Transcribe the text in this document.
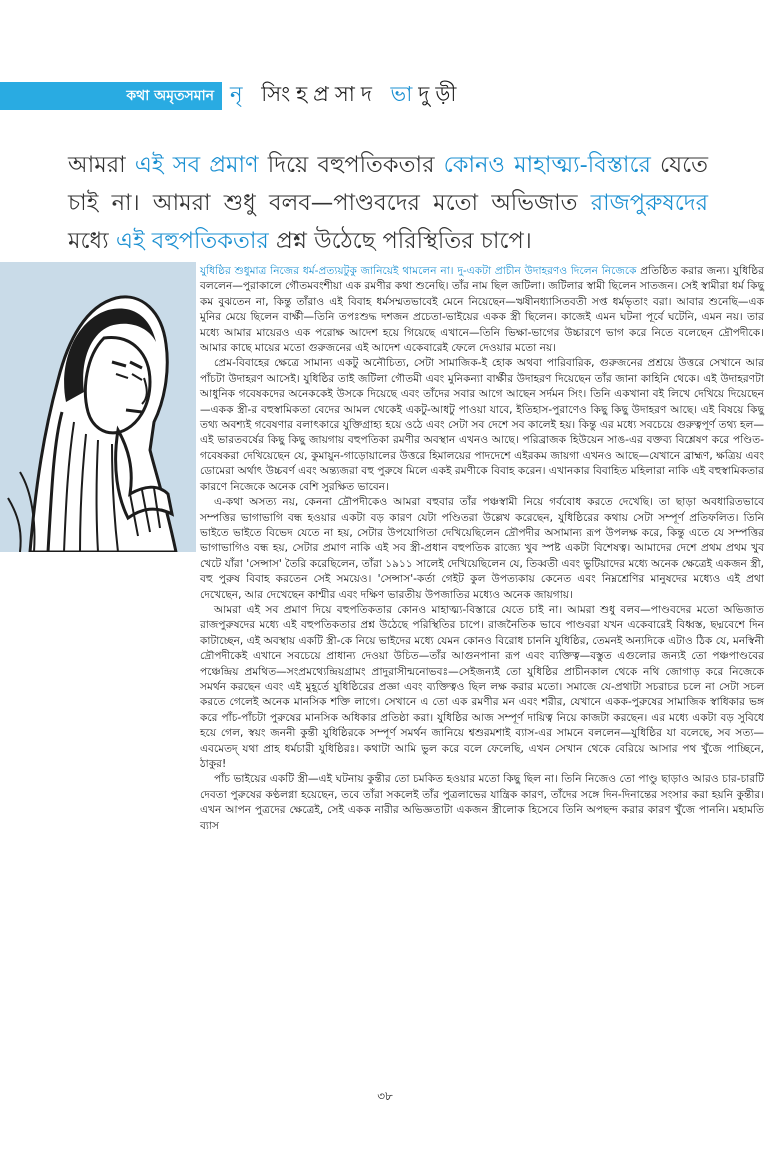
কথা অমৃতসমান নৃ সিংহপ্রসাদ ভাদুড়ী
আমরা এই সব প্রমাণ দিয়ে বহুপতিকতার কোনও মাহাত্ম্য-বিস্তারে যেতে চাই না। আমরা শুধু বলব—পাণ্ডবদের মতো অভিজাত রাজপুরুষদের মধ্যে এই বহুপতিকতার প্রশ্ন উঠেছে পরিস্থিতির চাপে।

যুধিষ্ঠির শুধুমাত্র নিজের ধর্ম-প্রত্যয়টুকু জানিয়েই থামলেন না। দু-একটা প্রাচীন উদাহরণও দিলেন নিজেকে প্রতিষ্ঠিত করার জন্য। যুধিষ্ঠির বললেন—পুরাকালে গৌতমবংশীয়া এক রমণীর কথা শুনেছি। তাঁর নাম ছিল জটিলা। জটিলার স্বামী ছিলেন সাতজন। সেই স্বামীরা ধর্ম কিছু কম বুঝতেন না, কিন্তু তাঁরাও এই বিবাহ ধর্মসম্মতভাবেই মেনে নিয়েছেন—ঋষীনধ্যাসিতবতী সপ্ত ধর্মভৃতাং বরা। আবার শুনেছি—এক মুনির মেয়ে ছিলেন বার্ক্ষী—তিনি তপঃশুদ্ধ দশজন প্রচেতা-ভাইয়ের একক স্ত্রী ছিলেন। কাজেই এমন ঘটনা পূর্বে ঘটেনি, এমন নয়। তার মধ্যে আমার মায়েরও এক পরোক্ষ আদেশ হয়ে গিয়েছে এখানে—তিনি ভিক্ষা-ভাগের উচ্চারণে ভাগ করে নিতে বলেছেন দ্রৌপদীকে। আমার কাছে মায়ের মতো গুরুজনের এই আদেশ একেবারেই ফেলে দেওয়ার মতো নয়।

প্রেম-বিবাহের ক্ষেত্রে সামান্য একটু অনৌচিত্য, সেটা সামাজিক-ই হোক অথবা পারিবারিক, গুরুজনের প্রশ্রয়ে উত্তরে সেখানে আর পাঁচটা উদাহরণ আসেই। যুধিষ্ঠির তাই জটিলা গৌতমী এবং মুনিকন্যা বার্ক্ষীর উদাহরণ দিয়েছেন তাঁর জানা কাহিনি থেকে। এই উদাহরণটা আধুনিক গবেষকদের অনেককেই উসকে দিয়েছে এবং তাঁদের সবার আগে আছেন সর্দমন সিং। তিনি একখানা বই লিখে দেখিয়ে দিয়েছেন—একক স্ত্রী-র বহুস্বামিকতা বেদের আমল থেকেই একটু-আধটু পাওয়া যাবে, ইতিহাস-পুরাণেও কিছু কিছু উদাহরণ আছে। এই বিষয়ে কিছু তথ্য অবশ্যই গবেষণার বলাৎকারে যুক্তিগ্রাহ্য হয়ে ওঠে এবং সেটা সব দেশে সব কালেই হয়। কিন্তু এর মধ্যে সবচেয়ে গুরুত্বপূর্ণ তথ্য হল—এই ভারতবর্ষের কিছু কিছু জায়গায় বহুপতিকা রমণীর অবস্থান এখনও আছে। পরিব্রাজক হিউয়েন সাঙ-এর বক্তব্য বিশ্লেষণ করে পণ্ডিত-গবেষকরা দেখিয়েছেন যে, কুমায়ুন-গাড়োয়ালের উত্তরে হিমালয়ের পাদদেশে এইরকম জায়গা এখনও আছে—যেখানে ব্রাহ্মণ, ক্ষত্রিয় এবং ডোমেরা অর্থাৎ উচ্চবর্ণ এবং অন্ত্যজরা বহু পুরুষে মিলে একই রমণীকে বিবাহ করেন। এখানকার বিবাহিত মহিলারা নাকি এই বহুস্বামিকতার কারণে নিজেকে অনেক বেশি সুরক্ষিত ভাবেন।

এ-কথা অসত্য নয়, কেননা দ্রৌপদীকেও আমরা বহুবার তাঁর পঞ্চস্বামী নিয়ে গর্ববোধ করতে দেখেছি। তা ছাড়া অবধারিতভাবে সম্পত্তির ভাগাভাগি বন্ধ হওয়ার একটা বড় কারণ যেটা পণ্ডিতরা উল্লেখ করেছেন, যুধিষ্ঠিরের কথায় সেটা সম্পূর্ণ প্রতিফলিত। তিনি ভাইতে ভাইতে বিভেদ যেতে না হয়, সেটার উপযোগিতা দেখিয়েছিলেন দ্রৌপদীর অসামান্য রূপ উপলক্ষ করে, কিন্তু এতে যে সম্পত্তির ভাগাভাগিও বন্ধ হয়, সেটার প্রমাণ নাকি এই সব স্ত্রী-প্রধান বহুপতিক রাজ্যে খুব স্পষ্ট একটা বিশেষত্ব। আমাদের দেশে প্রথম প্রথম খুব খেটে যাঁরা 'সেন্সাস' তৈরি করেছিলেন, তাঁরা ১৯১১ সালেই দেখিয়েছিলেন যে, তিব্বতী এবং ভুটিয়াদের মধ্যে অনেক ক্ষেত্রেই একজন স্ত্রী, বহু পুরুষ বিবাহ করতেন সেই সময়েও। 'সেন্সাস'-কর্তা গেইট কুল উপত্যকায় কেনেত এবং নিম্নশ্রেণির মানুষদের মধ্যেও এই প্রথা দেখেছেন, আর দেখেছেন কাশ্মীর এবং দক্ষিণ ভারতীয় উপজাতির মধ্যেও অনেক জায়গায়।

আমরা এই সব প্রমাণ দিয়ে বহুপতিকতার কোনও মাহাত্ম্য-বিস্তারে যেতে চাই না। আমরা শুধু বলব—পাণ্ডবদের মতো অভিজাত রাজপুরুষদের মধ্যে এই বহুপতিকতার প্রশ্ন উঠেছে পরিস্থিতির চাপে। রাজনৈতিক ভাবে পাণ্ডবরা যখন একেবারেই বিধ্বস্ত, ছদ্মবেশে দিন কাটাচ্ছেন, এই অবস্থায় একটি স্ত্রী-কে নিয়ে ভাইদের মধ্যে যেমন কোনও বিরোধ চাননি যুধিষ্ঠির, তেমনই অন্যদিকে এটাও ঠিক যে, মনস্বিনী দ্রৌপদীকেই এখানে সবচেয়ে প্রাধান্য দেওয়া উচিত—তাঁর আগুনপানা রূপ এবং ব্যক্তিত্ব—বস্তুত এগুলোর জন্যই তো পঞ্চপাণ্ডবের পঞ্চেন্দ্রিয় প্রমথিত—সংপ্রমথ্যেন্দ্রিয়গ্রামং প্রাদুরাসীন্মনোভবঃ—সেইজন্যই তো যুধিষ্ঠির প্রাচীনকাল থেকে নথি জোগাড় করে নিজেকে সমর্থন করছেন এবং এই মুহূর্তে যুধিষ্ঠিরের প্রজ্ঞা এবং ব্যক্তিত্বও ছিল লক্ষ করার মতো। সমাজে যে-প্রথাটা সচরাচর চলে না সেটা সচল করতে গেলেই অনেক মানসিক শক্তি লাগে। সেখানে এ তো এক রমণীর মন এবং শরীর, যেখানে একক-পুরুষের সামাজিক স্বাধিকার ভঙ্গ করে পাঁচ-পাঁচটা পুরুষের মানসিক অধিকার প্রতিষ্ঠা করা। যুধিষ্ঠির আজ সম্পূর্ণ দায়িত্ব নিয়ে কাজটা করছেন। এর মধ্যে একটা বড় সুবিধে হয়ে গেল, স্বয়ং জননী কুন্তী যুধিষ্ঠিরকে সম্পূর্ণ সমর্থন জানিয়ে শ্বশুরমশাই ব্যাস-এর সামনে বললেন—যুধিষ্ঠির যা বলেছে, সব সত্য—এবমেতদ্ যথা প্রাহ ধর্মচারী যুধিষ্ঠিরঃ। কথাটা আমি ভুল করে বলে ফেলেছি, এখন সেখান থেকে বেরিয়ে আসার পথ খুঁজে পাচ্ছিনে, ঠাকুর!

পাঁচ ভাইয়ের একটি স্ত্রী—এই ঘটনায় কুন্তীর তো চমকিত হওয়ার মতো কিছু ছিল না। তিনি নিজেও তো পাণ্ডু ছাড়াও আরও চার-চারটি দেবতা পুরুষের কণ্ঠলগ্না হয়েছেন, তবে তাঁরা সকলেই তাঁর পুত্রলাভের যান্ত্রিক কারণ, তাঁদের সঙ্গে দিন-দিনান্তের সংসার করা হয়নি কুন্তীর। এখন আপন পুত্রদের ক্ষেত্রেই, সেই একক নারীর অভিজ্ঞতাটা একজন স্ত্রীলোক হিসেবে তিনি অপছন্দ করার কারণ খুঁজে পাননি। মহামতি ব্যাস

৩৮
